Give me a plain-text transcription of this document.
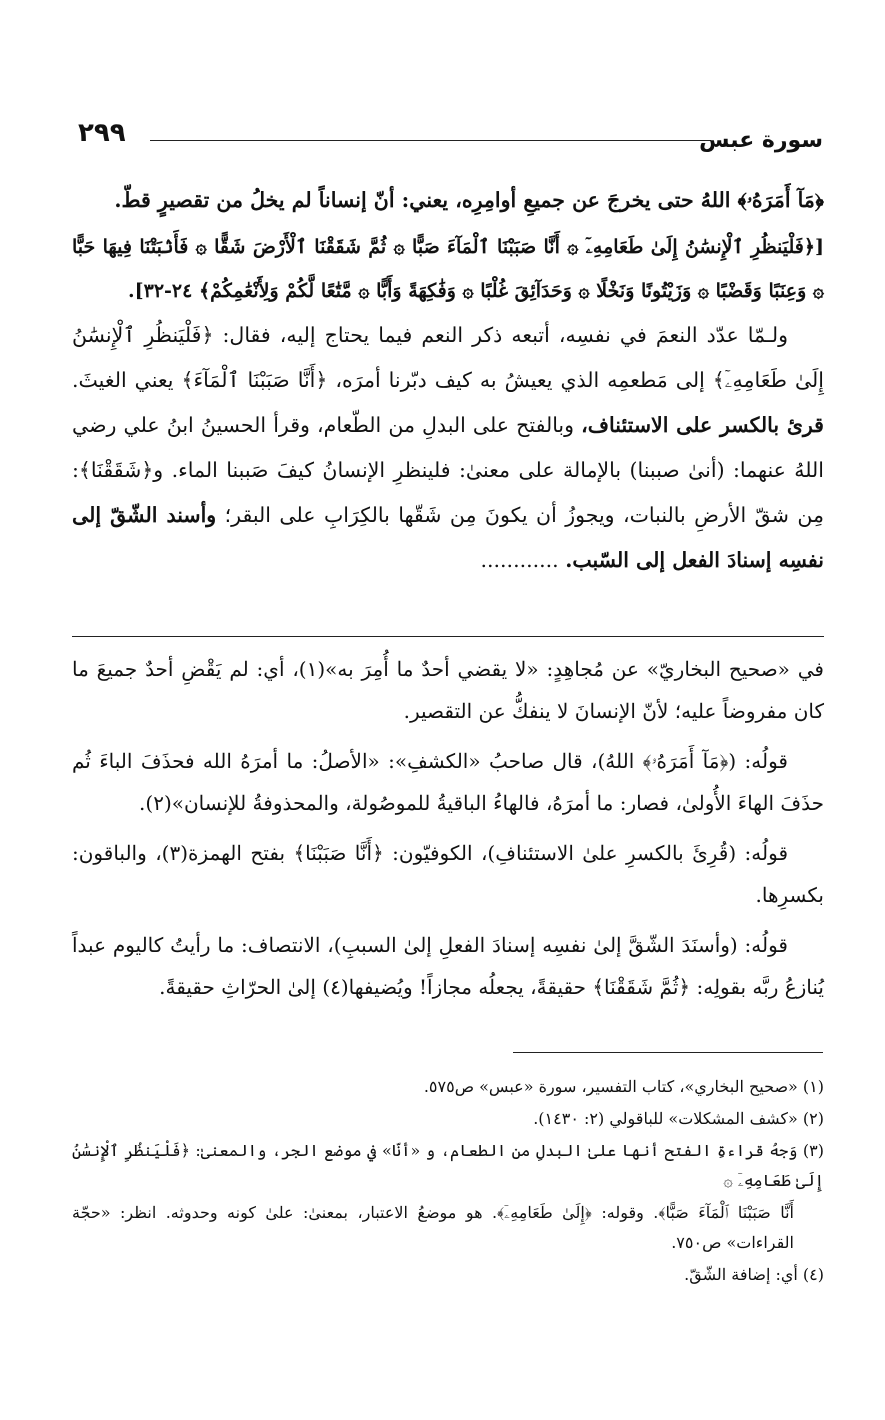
٢٩٩	سورة عبس

﴿مَآ أَمَرَهُۥ﴾ اللهُ حتى يخرجَ عن جميعِ أوامِرِه، يعني: أنّ إنساناً لم يخلُ من تقصيرٍ قطّ.

[﴿فَلْيَنظُرِ ٱلْإِنسَٰنُ إِلَىٰ طَعَامِهِۦٓ ۞ أَنَّا صَبَبْنَا ٱلْمَآءَ صَبًّا ۞ ثُمَّ شَقَقْنَا ٱلْأَرْضَ شَقًّا ۞ فَأَنۢبَتْنَا فِيهَا حَبًّا ۞ وَعِنَبًا وَقَضْبًا ۞ وَزَيْتُونًا وَنَخْلًا ۞ وَحَدَآئِقَ غُلْبًا ۞ وَفَٰكِهَةً وَأَبًّا ۞ مَّتَٰعًا لَّكُمْ وَلِأَنْعَٰمِكُمْ﴾ ٢٤-٣٢].

ولـمّا عدّد النعمَ في نفسِه، أتبعه ذكر النعم فيما يحتاج إليه، فقال: ﴿فَلْيَنظُرِ ٱلْإِنسَٰنُ إِلَىٰ طَعَامِهِۦٓ﴾ إلى مَطعمِه الذي يعيشُ به كيف دبّرنا أمرَه، ﴿أَنَّا صَبَبْنَا ٱلْمَآءَ﴾ يعني الغيثَ. قرئ بالكسر على الاستئناف، وبالفتح على البدلِ من الطّعام، وقرأ الحسينُ ابنُ علي رضي اللهُ عنهما: (أنىٰ صببنا) بالإمالة على معنىٰ: فلينظرِ الإنسانُ كيفَ صَببنا الماء. و﴿شَقَقْنَا﴾: مِن شقّ الأرضِ بالنبات، ويجوزُ أن يكونَ مِن شَقّها بالكِرَابِ على البقر؛ وأسند الشّقّ إلى نفسِه إسنادَ الفعل إلى السّبب. ............

في «صحيح البخاريّ» عن مُجاهِدٍ: «لا يقضي أحدٌ ما أُمِرَ به»(١)، أي: لم يَقْضِ أحدٌ جميعَ ما كان مفروضاً عليه؛ لأنّ الإنسانَ لا ينفكُّ عن التقصير.

قولُه: (﴿مَآ أَمَرَهُۥ﴾ اللهُ)، قال صاحبُ «الكشفِ»: «الأصلُ: ما أمرَهُ الله فحذَفَ الباءَ ثُم حذَفَ الهاءَ الأُولىٰ، فصار: ما أمرَهُ، فالهاءُ الباقيةُ للموصُولة، والمحذوفةُ للإنسان»(٢).

قولُه: (قُرِئَ بالكسرِ علىٰ الاستئنافِ)، الكوفيّون: ﴿أَنَّا صَبَبْنَا﴾ بفتح الهمزة(٣)، والباقون: بكسرِها.

قولُه: (وأسنَدَ الشّقَّ إلىٰ نفسِه إسنادَ الفعلِ إلىٰ السببِ)، الانتصاف: ما رأيتُ كاليوم عبداً يُنازعُ ربَّه بقولِه: ﴿ثُمَّ شَقَقْنَا﴾ حقيقةً، يجعلُه مجازاً! ويُضيفها(٤) إلىٰ الحرّاثِ حقيقةً.

(١) «صحيح البخاري»، كتاب التفسير، سورة «عبس» ص٥٧٥.

(٢) «كشف المشكلات» للباقولي (٢: ١٤٣٠).

(٣) وَجهُ قراءةِ الفتح أنها علىٰ البدلِ من الطعام، و «أنّا» في موضع الجر، والمعنىٰ: ﴿فَلْيَنظُرِ ٱلْإِنسَٰنُ إِلَىٰ طَعَامِهِۦٓ ۞

أَنَّا صَبَبْنَا ٱلْمَآءَ صَبًّا﴾. وقوله: ﴿إِلَىٰ طَعَامِهِۦٓ﴾. هو موضعُ الاعتبار، بمعنىٰ: علىٰ كونه وحدوثه. انظر: «حجّة القراءات» ص٧٥٠.

(٤) أي: إضافة الشّقّ.
